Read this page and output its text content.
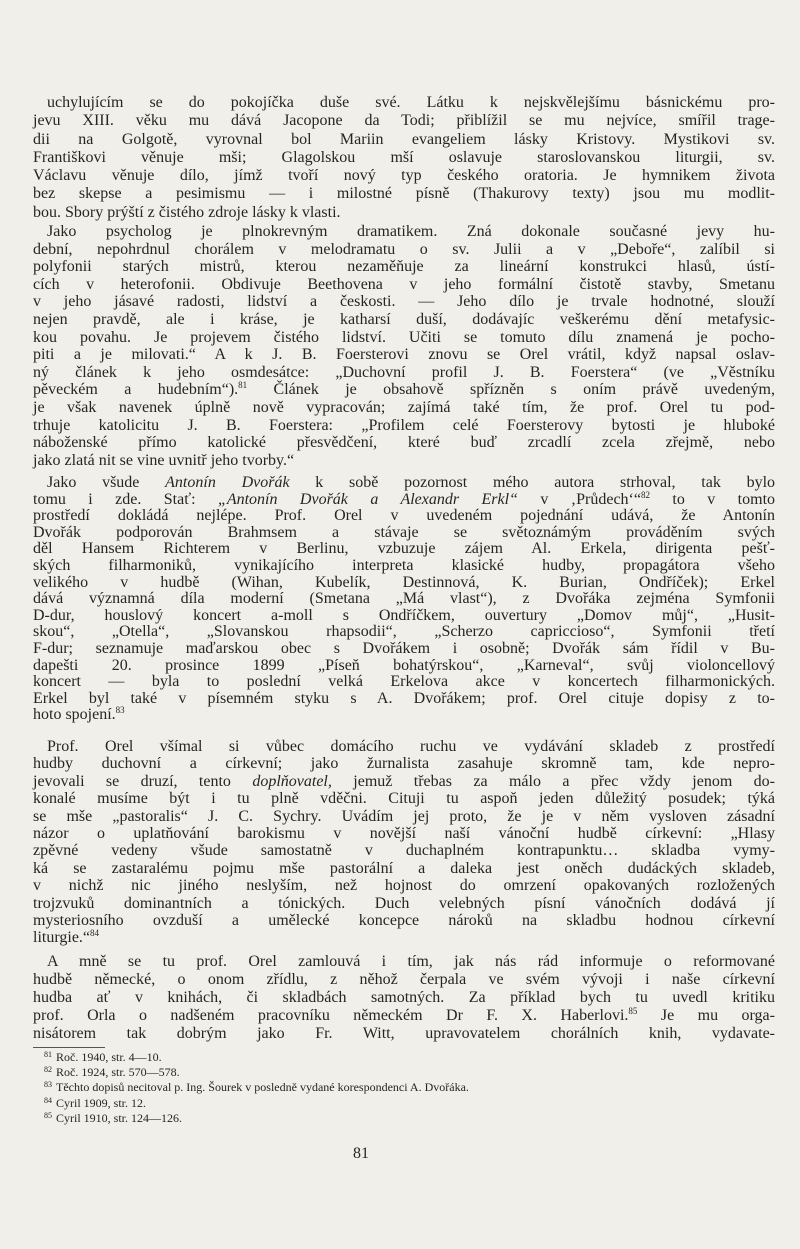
uchylujícím se do pokojíčka duše své. Látku k nejskvělejšímu básnickému pro-
jevu XIII. věku mu dává Jacopone da Todi; přiblížil se mu nejvíce, smířil trage-
dii na Golgotě, vyrovnal bol Mariin evangeliem lásky Kristovy. Mystikovi sv.
Františkovi věnuje mši; Glagolskou mší oslavuje staroslovanskou liturgii, sv.
Václavu věnuje dílo, jímž tvoří nový typ českého oratoria. Je hymnikem života
bez skepse a pesimismu — i milostné písně (Thakurovy texty) jsou mu modlit-
bou. Sbory prýští z čistého zdroje lásky k vlasti.
Jako psycholog je plnokrevným dramatikem. Zná dokonale současné jevy hu-
dební, nepohrdnul chorálem v melodramatu o sv. Julii a v „Deboře“, zalíbil si
polyfonii starých mistrů, kterou nezaměňuje za lineární konstrukci hlasů, ústí-
cích v heterofonii. Obdivuje Beethovena v jeho formální čistotě stavby, Smetanu
v jeho jásavé radosti, lidství a českosti. — Jeho dílo je trvale hodnotné, slouží
nejen pravdě, ale i kráse, je katharsí duší, dodávajíc veškerému dění metafysic-
kou povahu. Je projevem čistého lidství. Učiti se tomuto dílu znamená je pocho-
piti a je milovati.“ A k J. B. Foersterovi znovu se Orel vrátil, když napsal oslav-
ný článek k jeho osmdesátce: „Duchovní profil J. B. Foerstera“ (ve „Věstníku
pěveckém a hudebním“).$^{81}$ Článek je obsahově spřízněn s oním právě uvedeným,
je však navenek úplně nově vypracován; zajímá také tím, že prof. Orel tu pod-
trhuje katolicitu J. B. Foerstera: „Profilem celé Foersterovy bytosti je hluboké
náboženské přímo katolické přesvědčení, které buď zrcadlí zcela zřejmě, nebo
jako zlatá nit se vine uvnitř jeho tvorby.“
Jako všude Antonín Dvořák k sobě pozornost mého autora strhoval, tak bylo
tomu i zde. Stať: „Antonín Dvořák a Alexandr Erkl“ v ‚Průdech‘“$^{82}$ to v tomto
prostředí dokládá nejlépe. Prof. Orel v uvedeném pojednání udává, že Antonín
Dvořák podporován Brahmsem a stávaje se světoznámým prováděním svých
děl Hansem Richterem v Berlinu, vzbuzuje zájem Al. Erkela, dirigenta pešť-
ských filharmoniků, vynikajícího interpreta klasické hudby, propagátora všeho
velikého v hudbě (Wihan, Kubelík, Destinnová, K. Burian, Ondříček); Erkel
dává významná díla moderní (Smetana „Má vlast“), z Dvořáka zejména Symfonii
D-dur, houslový koncert a-moll s Ondříčkem, ouvertury „Domov můj“, „Husit-
skou“, „Otella“, „Slovanskou rhapsodii“, „Scherzo capriccioso“, Symfonii třetí
F-dur; seznamuje maďarskou obec s Dvořákem i osobně; Dvořák sám řídil v Bu-
dapešti 20. prosince 1899 „Píseň bohatýrskou“, „Karneval“, svůj violoncellový
koncert — byla to poslední velká Erkelova akce v koncertech filharmonických.
Erkel byl také v písemném styku s A. Dvořákem; prof. Orel cituje dopisy z to-
hoto spojení.$^{83}$
Prof. Orel všímal si vůbec domácího ruchu ve vydávání skladeb z prostředí
hudby duchovní a církevní; jako žurnalista zasahuje skromně tam, kde nepro-
jevovali se druzí, tento doplňovatel, jemuž třebas za málo a přec vždy jenom do-
konalé musíme být i tu plně vděčni. Cituji tu aspoň jeden důležitý posudek; týká
se mše „pastoralis“ J. C. Sychry. Uvádím jej proto, že je v něm vysloven zásadní
názor o uplatňování barokismu v novější naší vánoční hudbě církevní: „Hlasy
zpěvné vedeny všude samostatně v duchaplném kontrapunktu… skladba vymy-
ká se zastaralému pojmu mše pastorální a daleka jest oněch dudáckých skladeb,
v nichž nic jiného neslyším, než hojnost do omrzení opakovaných rozložených
trojzvuků dominantních a tónických. Duch velebných písní vánočních dodává jí
mysteriosního ovzduší a umělecké koncepce nároků na skladbu hodnou církevní
liturgie.“$^{84}$
A mně se tu prof. Orel zamlouvá i tím, jak nás rád informuje o reformované
hudbě německé, o onom zřídlu, z něhož čerpala ve svém vývoji i naše církevní
hudba ať v knihách, či skladbách samotných. Za příklad bych tu uvedl kritiku
prof. Orla o nadšeném pracovníku německém Dr F. X. Haberlovi.$^{85}$ Je mu orga-
nisátorem tak dobrým jako Fr. Witt, upravovatelem chorálních knih, vydavate-
$^{81}$ Roč. 1940, str. 4—10.
$^{82}$ Roč. 1924, str. 570—578.
$^{83}$ Těchto dopisů necitoval p. Ing. Šourek v posledně vydané korespondenci A. Dvořáka.
$^{84}$ Cyril 1909, str. 12.
$^{85}$ Cyril 1910, str. 124—126.
81
